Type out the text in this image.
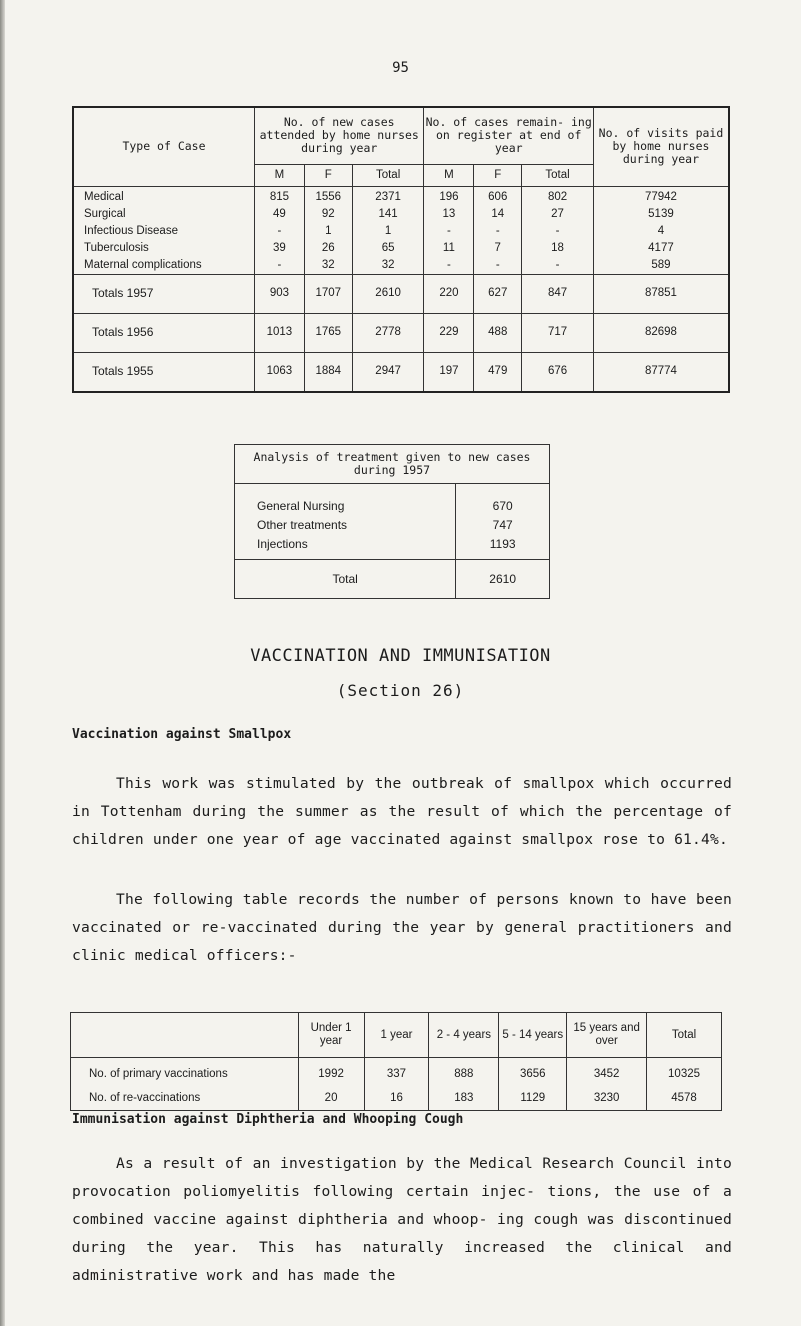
95
Type of Case	No. of new cases attended by home nurses during year			No. of cases remain- ing on register at end of year			No. of visits paid by home nurses during year
	M	F	Total	M	F	Total	
Medical	815	1556	2371	196	606	802	77942
Surgical	49	92	141	13	14	27	5139
Infectious Disease	-	1	1	-	-	-	4
Tuberculosis	39	26	65	11	7	18	4177
Maternal complications	-	32	32	-	-	-	589
Totals 1957	903	1707	2610	220	627	847	87851
Totals 1956	1013	1765	2778	229	488	717	82698
Totals 1955	1063	1884	2947	197	479	676	87774
Analysis of treatment given to new cases during 1957	
General Nursing	670
Other treatments	747
Injections	1193
Total	2610
VACCINATION AND IMMUNISATION
(Section 26)
Vaccination against Smallpox

This work was stimulated by the outbreak of smallpox which occurred in Tottenham during the summer as the result of which the percentage of children under one year of age vaccinated against smallpox rose to 61.4%.

The following table records the number of persons known to have been vaccinated or re-vaccinated during the year by general practitioners and clinic medical officers:-

	Under 1 year	1 year	2 - 4 years	5 - 14 years	15 years and over	Total
No. of primary vaccinations	1992	337	888	3656	3452	10325
No. of re-vaccinations	20	16	183	1129	3230	4578
Immunisation against Diphtheria and Whooping Cough

As a result of an investigation by the Medical Research Council into provocation poliomyelitis following certain injec- tions, the use of a combined vaccine against diphtheria and whoop- ing cough was discontinued during the year. This has naturally increased the clinical and administrative work and has made the
